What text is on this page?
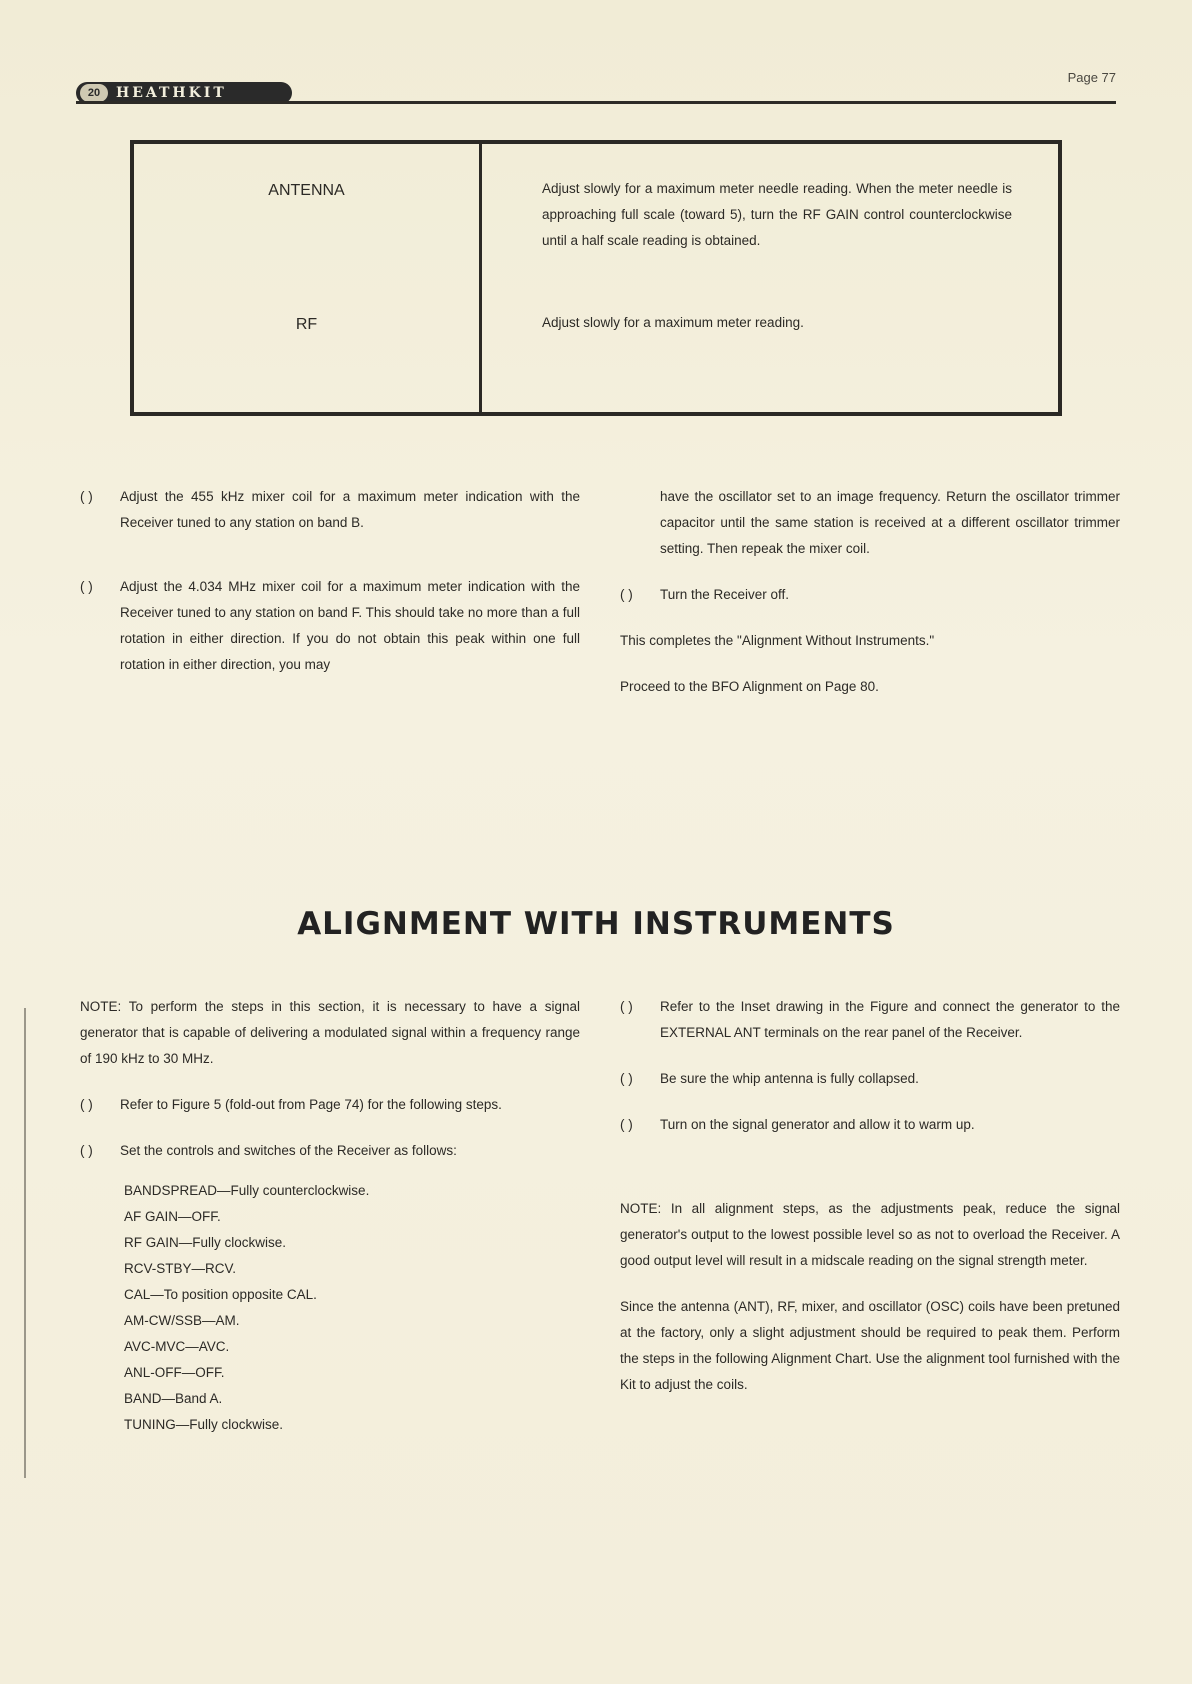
20	HEATHKIT
Page 77
ANTENNA	Adjust slowly for a maximum meter needle reading. When the meter needle is approaching full scale (toward 5), turn the RF GAIN control counterclockwise until a half scale reading is obtained.
RF	Adjust slowly for a maximum meter reading.
( ) Adjust the 455 kHz mixer coil for a maximum meter indication with the Receiver tuned to any station on band B.
( ) Adjust the 4.034 MHz mixer coil for a maximum meter indication with the Receiver tuned to any station on band F. This should take no more than a full rotation in either direction. If you do not obtain this peak within one full rotation in either direction, you may
have the oscillator set to an image frequency. Return the oscillator trimmer capacitor until the same station is received at a different oscillator trimmer setting. Then repeak the mixer coil.
( ) Turn the Receiver off.
This completes the "Alignment Without Instruments."
Proceed to the BFO Alignment on Page 80.
ALIGNMENT WITH INSTRUMENTS
NOTE: To perform the steps in this section, it is necessary to have a signal generator that is capable of delivering a modulated signal within a frequency range of 190 kHz to 30 MHz.
( ) Refer to Figure 5 (fold-out from Page 74) for the following steps.
( ) Set the controls and switches of the Receiver as follows:
BANDSPREAD—Fully counterclockwise.
AF GAIN—OFF.
RF GAIN—Fully clockwise.
RCV-STBY—RCV.
CAL—To position opposite CAL.
AM-CW/SSB—AM.
AVC-MVC—AVC.
ANL-OFF—OFF.
BAND—Band A.
TUNING—Fully clockwise.
( ) Refer to the Inset drawing in the Figure and connect the generator to the EXTERNAL ANT terminals on the rear panel of the Receiver.
( ) Be sure the whip antenna is fully collapsed.
( ) Turn on the signal generator and allow it to warm up.
NOTE: In all alignment steps, as the adjustments peak, reduce the signal generator's output to the lowest possible level so as not to overload the Receiver. A good output level will result in a midscale reading on the signal strength meter.
Since the antenna (ANT), RF, mixer, and oscillator (OSC) coils have been pretuned at the factory, only a slight adjustment should be required to peak them. Perform the steps in the following Alignment Chart. Use the alignment tool furnished with the Kit to adjust the coils.
